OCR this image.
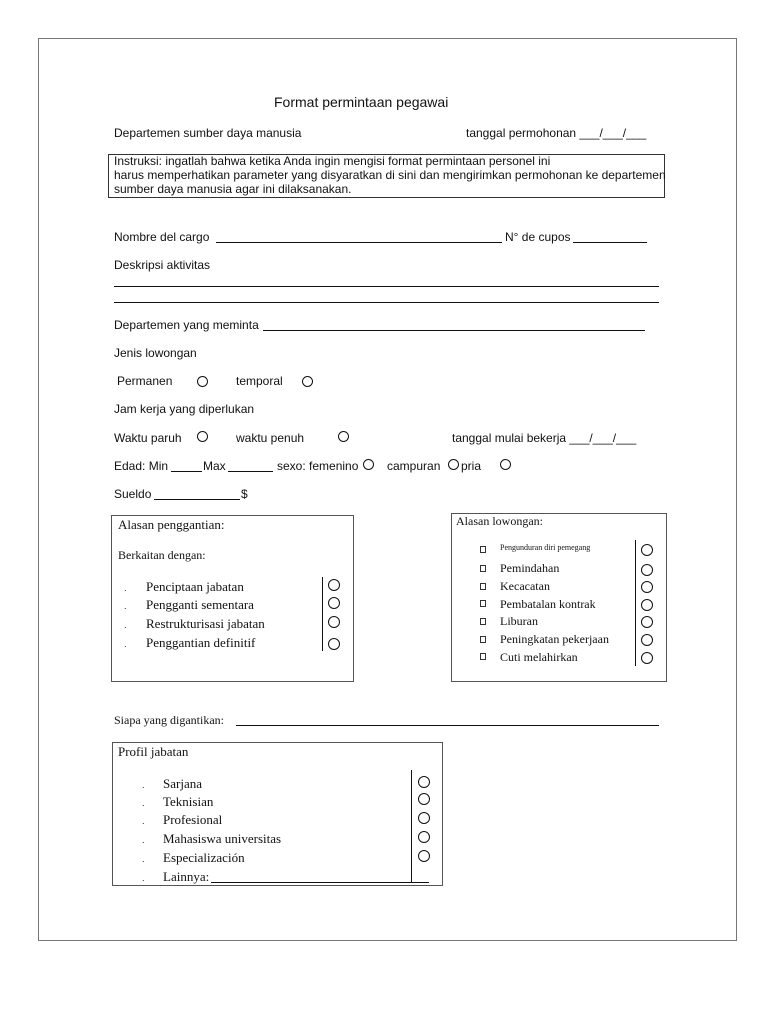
Format permintaan pegawai
Departemen sumber daya manusia	tanggal permohonan ___/___/___
Instruksi: ingatlah bahwa ketika Anda ingin mengisi format permintaan personel ini
harus memperhatikan parameter yang disyaratkan di sini dan mengirimkan permohonan ke departemen
sumber daya manusia agar ini dilaksanakan.
Nombre del cargo	N° de cupos
Deskripsi aktivitas
Departemen yang meminta
Jenis lowongan
Permanen	temporal
Jam kerja yang diperlukan
Waktu paruh	waktu penuh	tanggal mulai bekerja ___/___/___
Edad: Min	Max	sexo: femenino campuran pria
Sueldo	$
Alasan penggantian:
Berkaitan dengan:
. Penciptaan jabatan
. Pengganti sementara
. Restrukturisasi jabatan
. Penggantian definitif
Alasan lowongan:
Pengunduran diri pemegang
Pemindahan
Kecacatan
Pembatalan kontrak
Liburan
Peningkatan pekerjaan
Cuti melahirkan
Siapa yang digantikan:
Profil jabatan
. Sarjana
. Teknisian
. Profesional
. Mahasiswa universitas
. Especialización
. Lainnya:
